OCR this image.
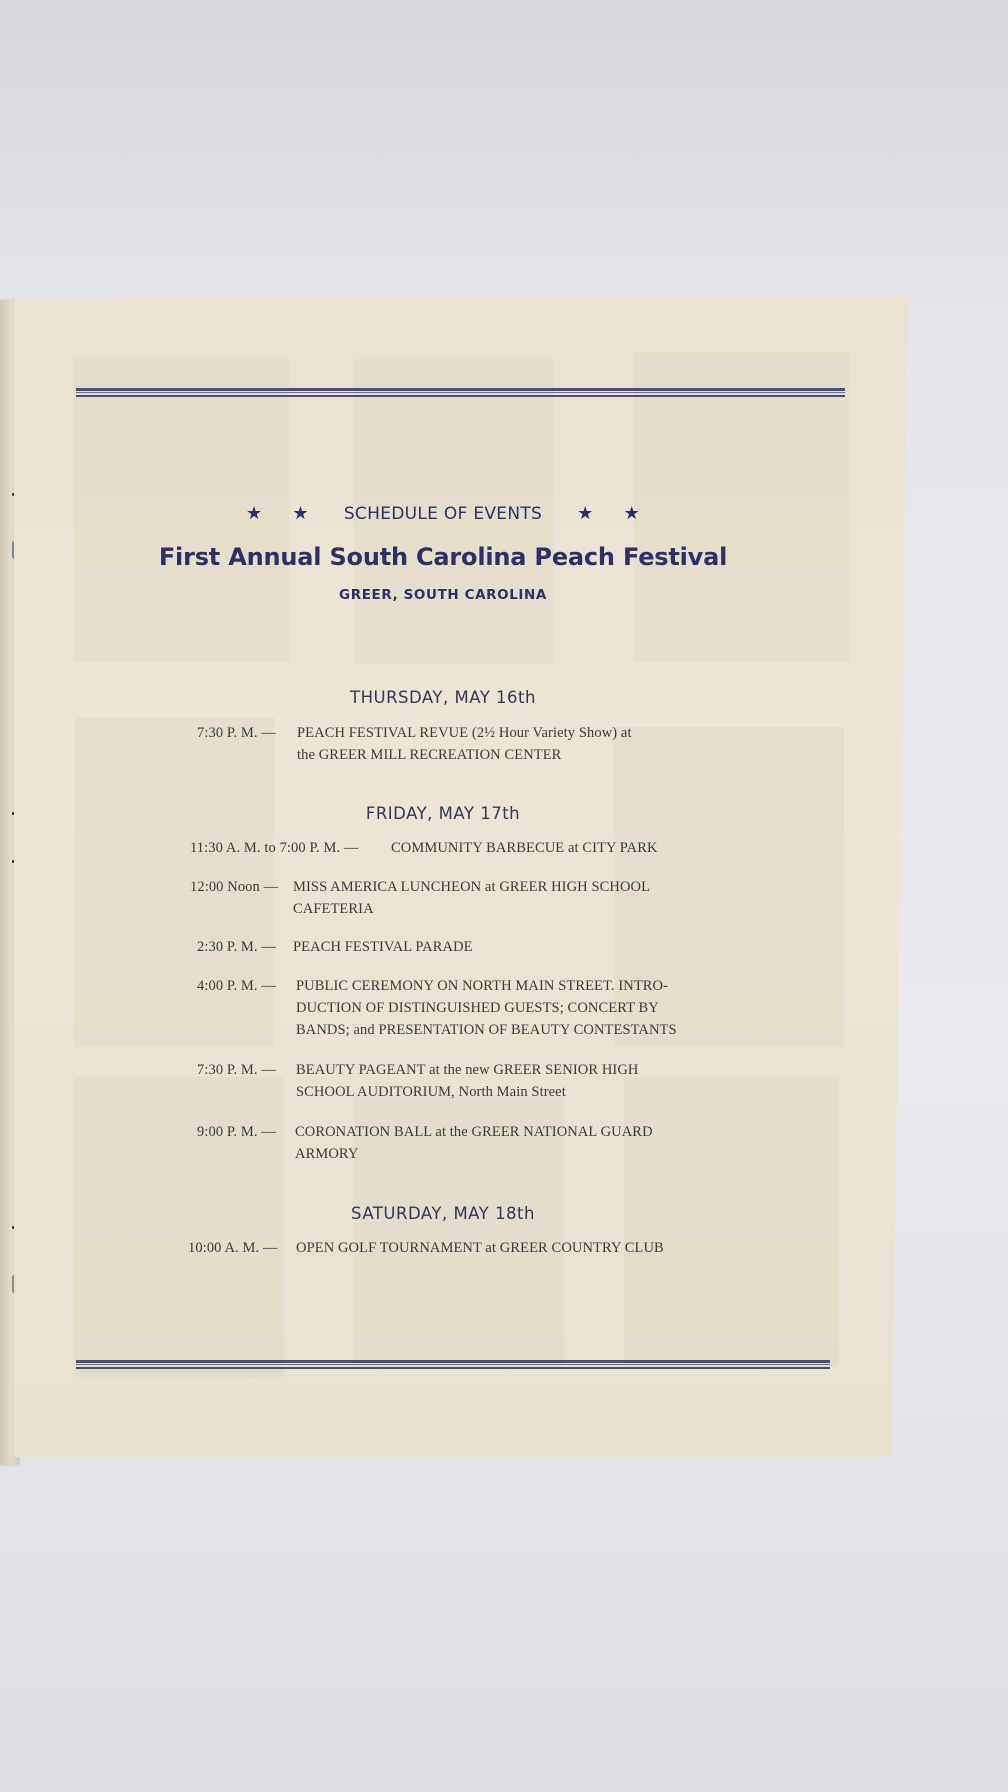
★ ★ SCHEDULE OF EVENTS ★ ★
First Annual South Carolina Peach Festival
GREER, SOUTH CAROLINA
THURSDAY, MAY 16th
7:30 P. M. — PEACH FESTIVAL REVUE (2½ Hour Variety Show) at
the GREER MILL RECREATION CENTER
FRIDAY, MAY 17th
11:30 A. M. to 7:00 P. M. — COMMUNITY BARBECUE at CITY PARK
12:00 Noon — MISS AMERICA LUNCHEON at GREER HIGH SCHOOL
CAFETERIA
2:30 P. M. — PEACH FESTIVAL PARADE
4:00 P. M. — PUBLIC CEREMONY ON NORTH MAIN STREET. INTRO-
DUCTION OF DISTINGUISHED GUESTS; CONCERT BY
BANDS; and PRESENTATION OF BEAUTY CONTESTANTS
7:30 P. M. — BEAUTY PAGEANT at the new GREER SENIOR HIGH
SCHOOL AUDITORIUM, North Main Street
9:00 P. M. — CORONATION BALL at the GREER NATIONAL GUARD
ARMORY
SATURDAY, MAY 18th
10:00 A. M. — OPEN GOLF TOURNAMENT at GREER COUNTRY CLUB
